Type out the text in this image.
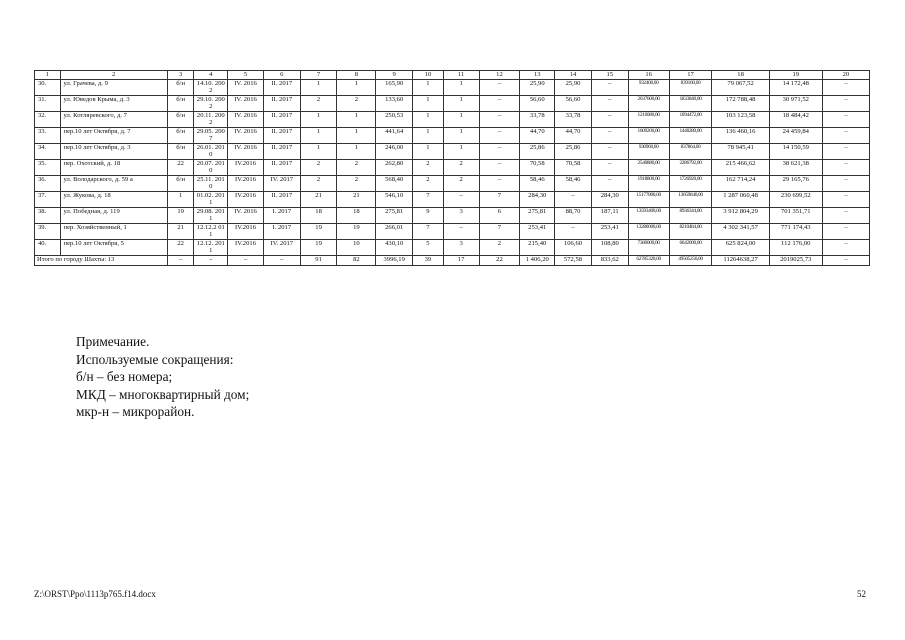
1	2	3	4	5	6	7	8	9	10	11	12	13	14	15	16	17	18	19	20
30.	ул. Грачева, д. 9	б/н	14.10. 2002	IV. 2016	II. 2017	1	1	165,90	1	1	–	25,90	25,90	–	932400,00	839160,00	79 067,52	14 172,48	–
31.	ул. Юведов Крыма, д. 3	б/н	29.10. 2002	IV. 2016	II. 2017	2	2	133,60	1	1	–	56,60	56,60	–	2037600,00	1833840,00	172 788,48	30 971,52	–
32.	ул. Котляревского, д. 7	б/н	20.11. 2002	IV. 2016	II. 2017	1	1	250,53	1	1	–	33,78	33,78	–	1216080,00	1094472,00	103 123,58	18 484,42	–
33.	пер.10 лет Октября, д. 7	б/н	29.05. 2007	IV. 2016	II. 2017	1	1	441,64	1	1	–	44,70	44,70	–	1609200,00	1448280,00	136 460,16	24 459,84	–
34.	пер.10 лет Октября, д. 3	б/н	26.01. 2010	IV. 2016	II. 2017	1	1	246,00	1	1	–	25,86	25,86	–	930960,00	837864,00	78 945,41	14 150,59	–
35.	пер. Охотский, д. 18	22	20.07. 2010	IV.2016	II. 2017	2	2	262,80	2	2	–	70,58	70,58	–	2540880,00	2286792,00	215 466,62	38 621,38	–
36.	ул. Володарского, д. 59 а	б/н	25.11. 2010	IV.2016	IV. 2017	2	2	568,40	2	2	–	58,46	58,46	–	1918800,00	1726920,00	162 714,24	29 165,76	–
37.	ул. Жукова, д. 18	1	01.02. 2011	IV.2016	II. 2017	21	21	546,10	7	–	7	284,30	–	284,30	15177800,00	13659840,00	1 287 060,48	230 699,52	–
38.	ул. Победная, д. 119	19	29.08. 2011	IV. 2016	I. 2017	18	18	275,81	9	3	6	275,81	88,70	187,11	13593400,00	8936344,00	3 912 804,29	701 351,71	–
39.	пер. Хозяйственный, 1	21	12.12.2 011	IV.2016	I. 2017	19	19	266,01	7	–	7	253,41	–	253,41	13280000,00	8210484,00	4 302 341,57	771 174,43	–
40.	пер.10 лет Октября, 5	22	12.12. 2011	IV.2016	IV. 2017	19	10	430,10	5	3	2	215,40	106,60	108,80	7380000,00	6642000,00	625 824,00	112 176,00	–
Итого по городу Шахты: 13		–	–	–	–	91	82	3996,19	39	17	22	1 406,20	572,58	833,62	62785320,00	49505256,00	11264638,27	2019025,73	–
Примечание.
Используемые сокращения:
б/н – без номера;
МКД – многоквартирный дом;
мкр-н – микрорайон.
Z:\ORST\Ppo\1113p765.f14.docx	52
